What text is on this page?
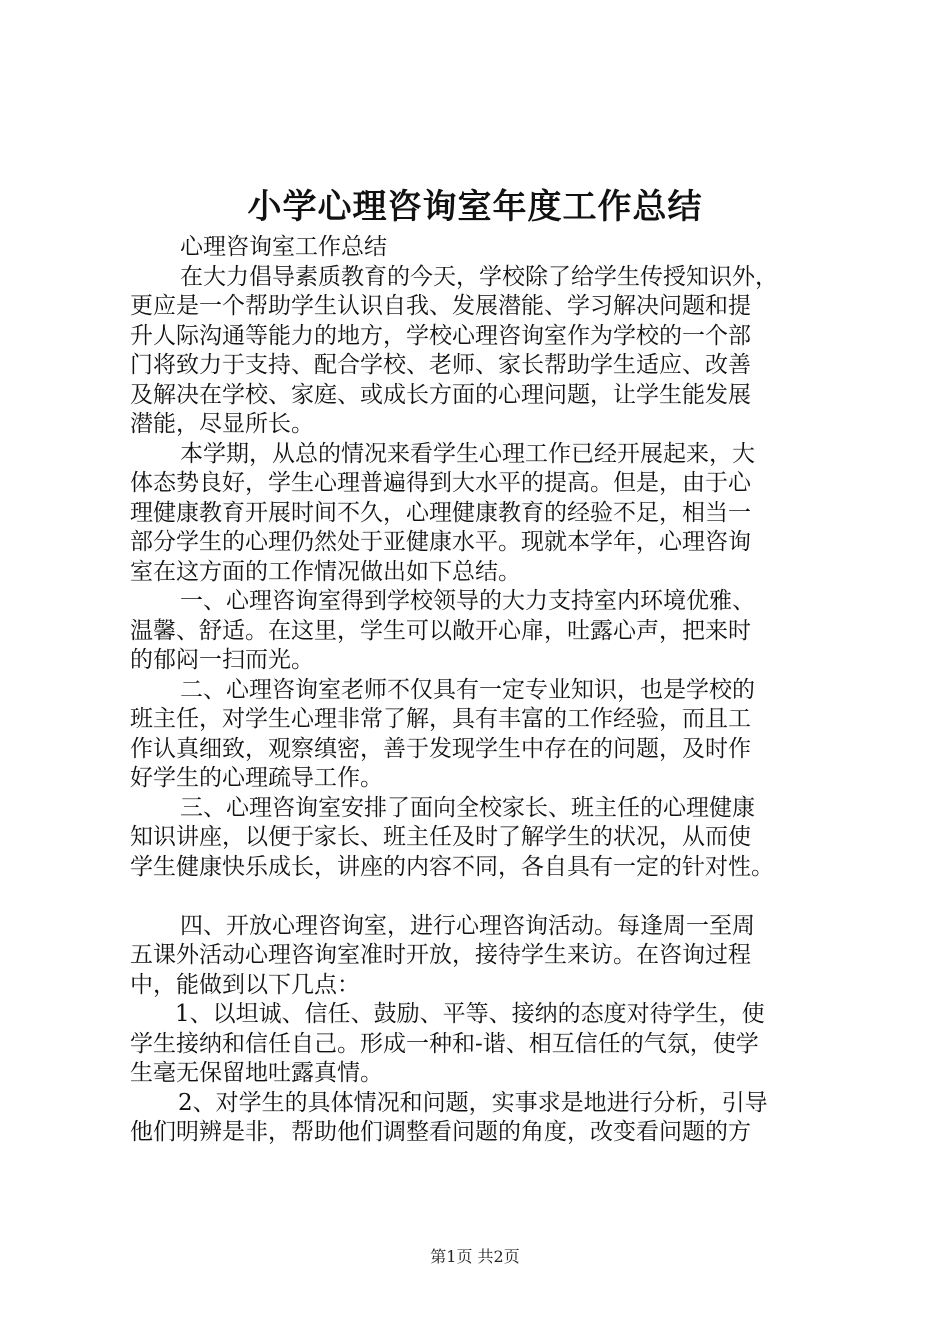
小学心理咨询室年度工作总结
心理咨询室工作总结
在大力倡导素质教育的今天，学校除了给学生传授知识外，
更应是一个帮助学生认识自我、发展潜能、学习解决问题和提
升人际沟通等能力的地方，学校心理咨询室作为学校的一个部
门将致力于支持、配合学校、老师、家长帮助学生适应、改善
及解决在学校、家庭、或成长方面的心理问题，让学生能发展
潜能，尽显所长。
本学期，从总的情况来看学生心理工作已经开展起来，大
体态势良好，学生心理普遍得到大水平的提高。但是，由于心
理健康教育开展时间不久，心理健康教育的经验不足，相当一
部分学生的心理仍然处于亚健康水平。现就本学年，心理咨询
室在这方面的工作情况做出如下总结。
一、心理咨询室得到学校领导的大力支持室内环境优雅、
温馨、舒适。在这里，学生可以敞开心扉，吐露心声，把来时
的郁闷一扫而光。
二、心理咨询室老师不仅具有一定专业知识，也是学校的
班主任，对学生心理非常了解，具有丰富的工作经验，而且工
作认真细致，观察缜密，善于发现学生中存在的问题，及时作
好学生的心理疏导工作。
三、心理咨询室安排了面向全校家长、班主任的心理健康
知识讲座，以便于家长、班主任及时了解学生的状况，从而使
学生健康快乐成长，讲座的内容不同，各自具有一定的针对性。
四、开放心理咨询室，进行心理咨询活动。每逢周一至周
五课外活动心理咨询室准时开放，接待学生来访。在咨询过程
中，能做到以下几点：
1、以坦诚、信任、鼓励、平等、接纳的态度对待学生，使
学生接纳和信任自己。形成一种和-谐、相互信任的气氛，使学
生毫无保留地吐露真情。
2、对学生的具体情况和问题，实事求是地进行分析，引导
他们明辨是非，帮助他们调整看问题的角度，改变看问题的方
第1页 共2页
